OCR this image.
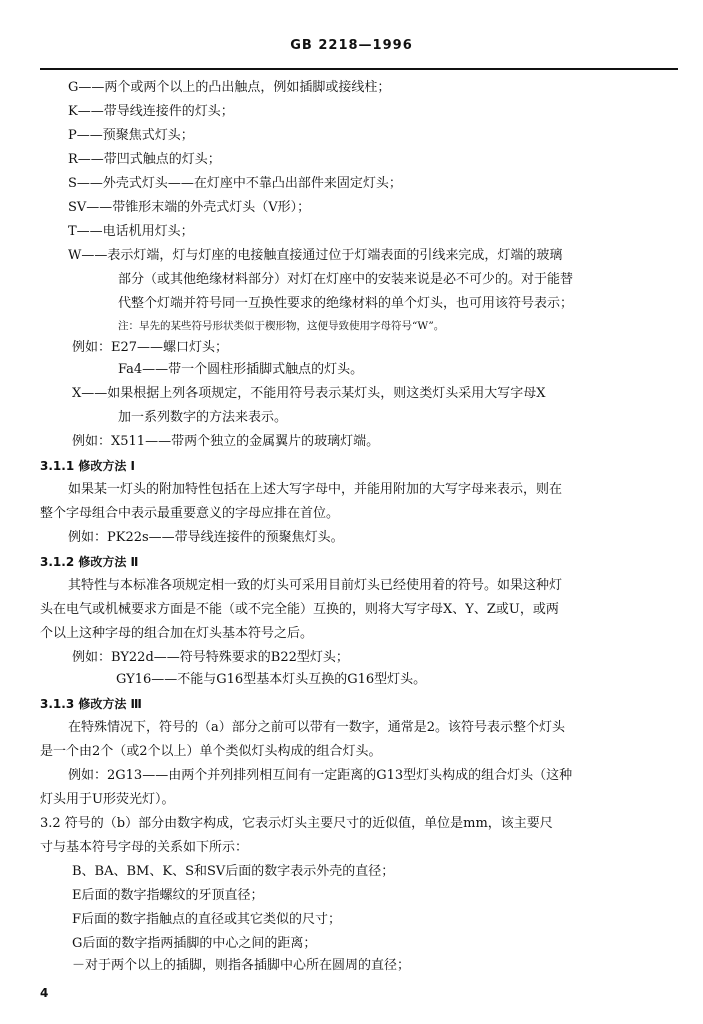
GB 2218—1996
G——两个或两个以上的凸出触点，例如插脚或接线柱；
K——带导线连接件的灯头；
P——预聚焦式灯头；
R——带凹式触点的灯头；
S——外壳式灯头——在灯座中不靠凸出部件来固定灯头；
SV——带锥形末端的外壳式灯头（V形）；
T——电话机用灯头；
W——表示灯端，灯与灯座的电接触直接通过位于灯端表面的引线来完成，灯端的玻璃
部分（或其他绝缘材料部分）对灯在灯座中的安装来说是必不可少的。对于能替
代整个灯端并符号同一互换性要求的绝缘材料的单个灯头，也可用该符号表示；
注：早先的某些符号形状类似于楔形物，这便导致使用字母符号“W”。
例如：E27——螺口灯头；
Fa4——带一个圆柱形插脚式触点的灯头。
X——如果根据上列各项规定，不能用符号表示某灯头，则这类灯头采用大写字母X
加一系列数字的方法来表示。
例如：X511——带两个独立的金属翼片的玻璃灯端。
3.1.1 修改方法 Ⅰ
如果某一灯头的附加特性包括在上述大写字母中，并能用附加的大写字母来表示，则在
整个字母组合中表示最重要意义的字母应排在首位。
例如：PK22s——带导线连接件的预聚焦灯头。
3.1.2 修改方法 Ⅱ
其特性与本标准各项规定相一致的灯头可采用目前灯头已经使用着的符号。如果这种灯
头在电气或机械要求方面是不能（或不完全能）互换的，则将大写字母X、Y、Z或U，或两
个以上这种字母的组合加在灯头基本符号之后。
例如：BY22d——符号特殊要求的B22型灯头；
GY16——不能与G16型基本灯头互换的G16型灯头。
3.1.3 修改方法 Ⅲ
在特殊情况下，符号的（a）部分之前可以带有一数字，通常是2。该符号表示整个灯头
是一个由2个（或2个以上）单个类似灯头构成的组合灯头。
例如：2G13——由两个并列排列相互间有一定距离的G13型灯头构成的组合灯头（这种
灯头用于U形荧光灯）。
3.2 符号的（b）部分由数字构成，它表示灯头主要尺寸的近似值，单位是mm，该主要尺
寸与基本符号字母的关系如下所示：
B、BA、BM、K、S和SV后面的数字表示外壳的直径；
E后面的数字指螺纹的牙顶直径；
F后面的数字指触点的直径或其它类似的尺寸；
G后面的数字指两插脚的中心之间的距离；
－对于两个以上的插脚，则指各插脚中心所在圆周的直径；
4
